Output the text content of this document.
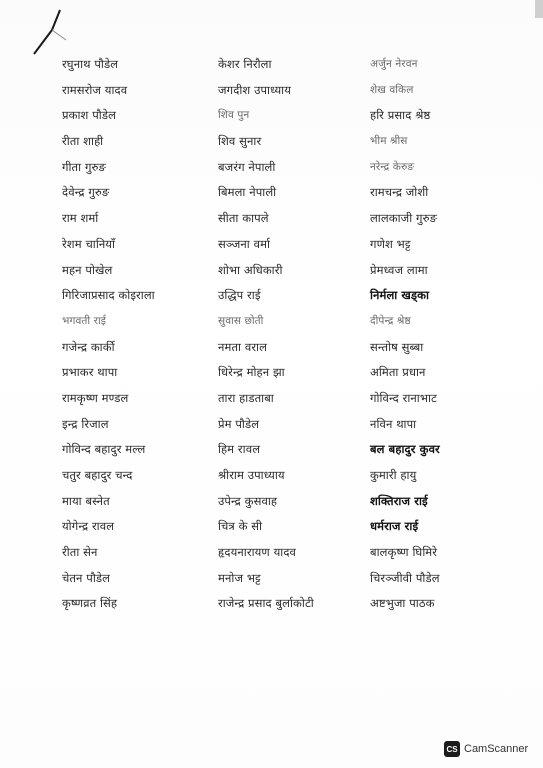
रघुनाथ पौडेल	केशर निरौला	अर्जुन नेरवन
रामसरोज यादव	जगदीश उपाध्याय	शेख वकिल
प्रकाश पौडेल	शिव पुन	हरि प्रसाद श्रेष्ठ
रीता शाही	शिव सुनार	भीम श्रीस
गीता गुरुङ	बजरंग नेपाली	नरेन्द्र केरुङ
देवेन्द्र गुरुङ	बिमला नेपाली	रामचन्द्र जोशी
राम शर्मा	सीता कापले	लालकाजी गुरुङ
रेशम चानियाँ	सञ्जना वर्मा	गणेश भट्ट
महन पोखेल	शोभा अधिकारी	प्रेमध्वज लामा
गिरिजाप्रसाद कोइराला	उद्धिप राई	निर्मला खड्का
भगवती राई	सुवास छोती	दीपेन्द्र श्रेष्ठ
गजेन्द्र कार्की	नमता वराल	सन्तोष सुब्बा
प्रभाकर थापा	धिरेन्द्र मोहन झा	अमिता प्रधान
रामकृष्ण मण्डल	तारा हाडताबा	गोविन्द रानाभाट
इन्द्र रिजाल	प्रेम पौडेल	नविन थापा
गोविन्द बहादुर मल्ल	हिम रावल	बल बहादुर कुवर
चतुर बहादुर चन्द	श्रीराम उपाध्याय	कुमारी हायु
माया बस्नेत	उपेन्द्र कुसवाह	शक्तिराज राई
योगेन्द्र रावल	चित्र के सी	धर्मराज राई
रीता सेन	हृदयनारायण यादव	बालकृष्ण घिमिरे
चेतन पौडेल	मनोज भट्ट	चिरञ्जीवी पौडेल
कृष्णव्रत सिंह	राजेन्द्र प्रसाद बुर्लाकोटी	अष्टभुजा पाठक
CS CamScanner
